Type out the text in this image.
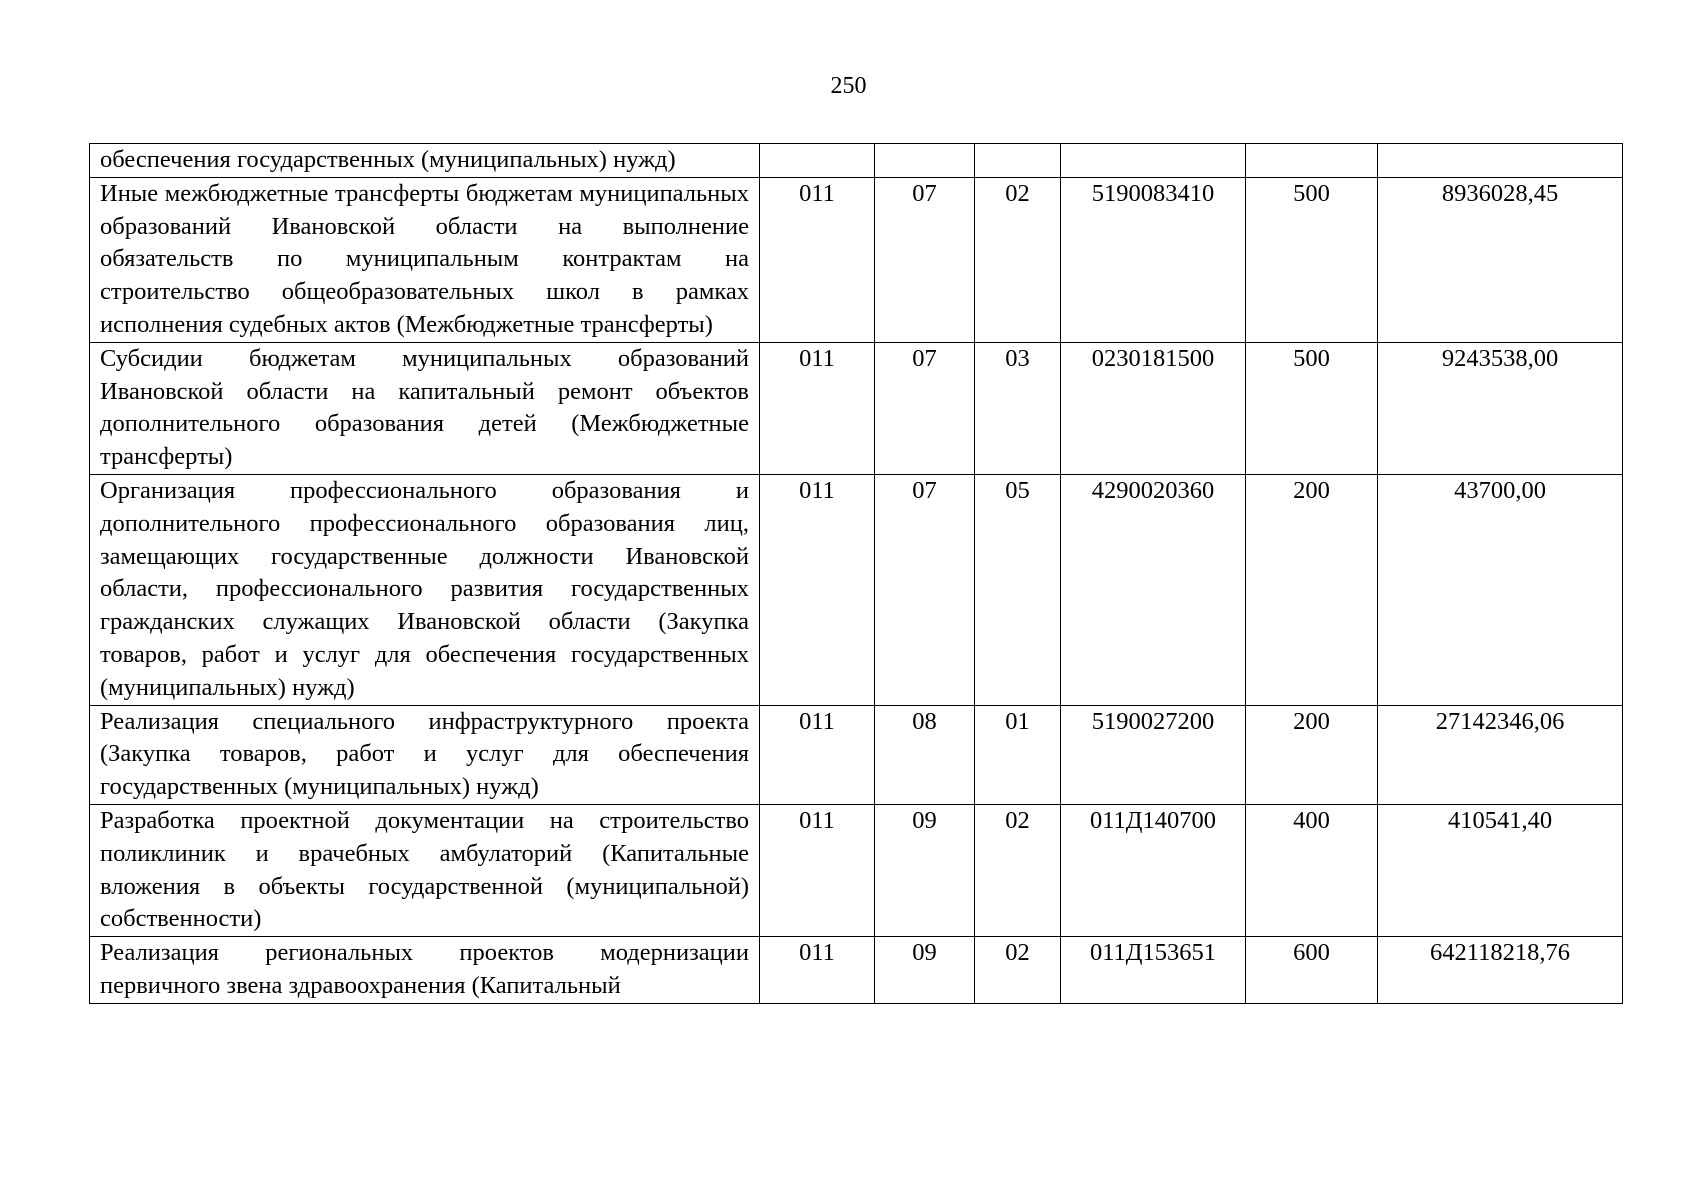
250
обеспечения государственных (муниципальных) нужд)						
Иные межбюджетные трансферты бюджетам муниципальных образований Ивановской области на выполнение обязательств по муниципальным контрактам на строительство общеобразовательных школ в рамках исполнения судебных актов (Межбюджетные трансферты)	011	07	02	5190083410	500	8936028,45
Субсидии бюджетам муниципальных образований Ивановской области на капитальный ремонт объектов дополнительного образования детей (Межбюджетные трансферты)	011	07	03	0230181500	500	9243538,00
Организация профессионального образования и дополнительного профессионального образования лиц, замещающих государственные должности Ивановской области, профессионального развития государственных гражданских служащих Ивановской области (Закупка товаров, работ и услуг для обеспечения государственных (муниципальных) нужд)	011	07	05	4290020360	200	43700,00
Реализация специального инфраструктурного проекта (Закупка товаров, работ и услуг для обеспечения государственных (муниципальных) нужд)	011	08	01	5190027200	200	27142346,06
Разработка проектной документации на строительство поликлиник и врачебных амбулаторий (Капитальные вложения в объекты государственной (муниципальной) собственности)	011	09	02	011Д140700	400	410541,40
Реализация региональных проектов модернизации первичного звена здравоохранения (Капитальный	011	09	02	011Д153651	600	642118218,76
